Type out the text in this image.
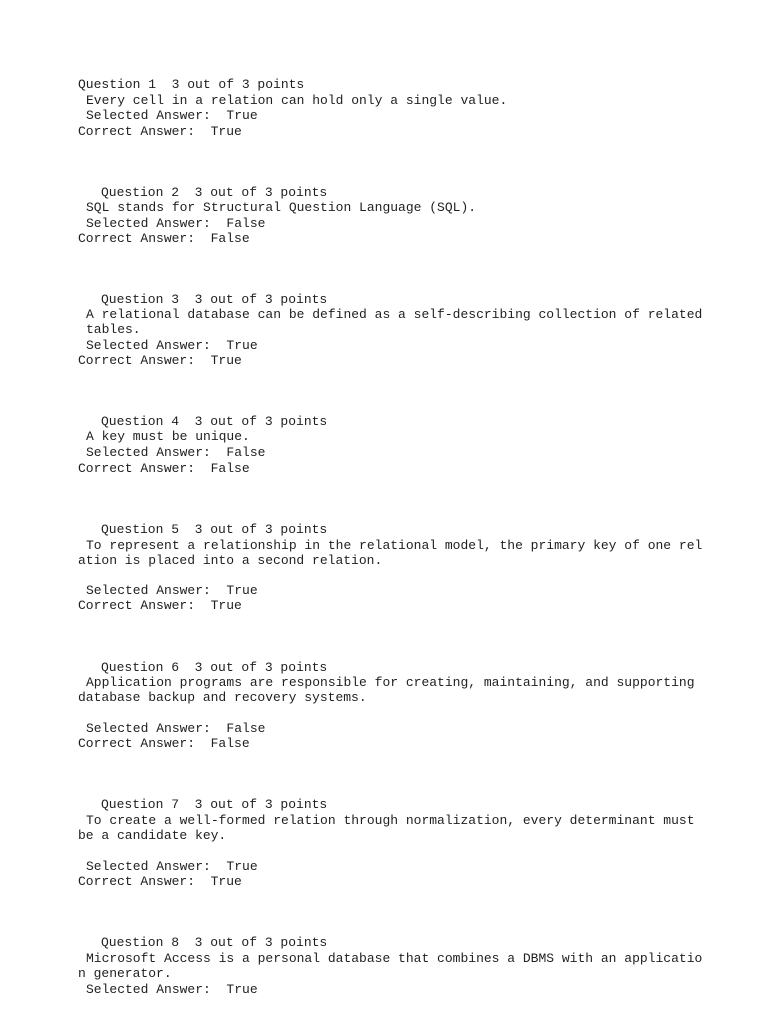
Question 1  3 out of 3 points

Every cell in a relation can hold only a single value.

Selected Answer:  True

Correct Answer:  True

Question 2  3 out of 3 points

SQL stands for Structural Question Language (SQL).

Selected Answer:  False

Correct Answer:  False

Question 3  3 out of 3 points

A relational database can be defined as a self-describing collection of related

tables.

Selected Answer:  True

Correct Answer:  True

Question 4  3 out of 3 points

A key must be unique.

Selected Answer:  False

Correct Answer:  False

Question 5  3 out of 3 points

To represent a relationship in the relational model, the primary key of one rel

ation is placed into a second relation.

Selected Answer:  True

Correct Answer:  True

Question 6  3 out of 3 points

Application programs are responsible for creating, maintaining, and supporting

database backup and recovery systems.

Selected Answer:  False

Correct Answer:  False

Question 7  3 out of 3 points

To create a well-formed relation through normalization, every determinant must

be a candidate key.

Selected Answer:  True

Correct Answer:  True

Question 8  3 out of 3 points

Microsoft Access is a personal database that combines a DBMS with an applicatio

n generator.

Selected Answer:  True
